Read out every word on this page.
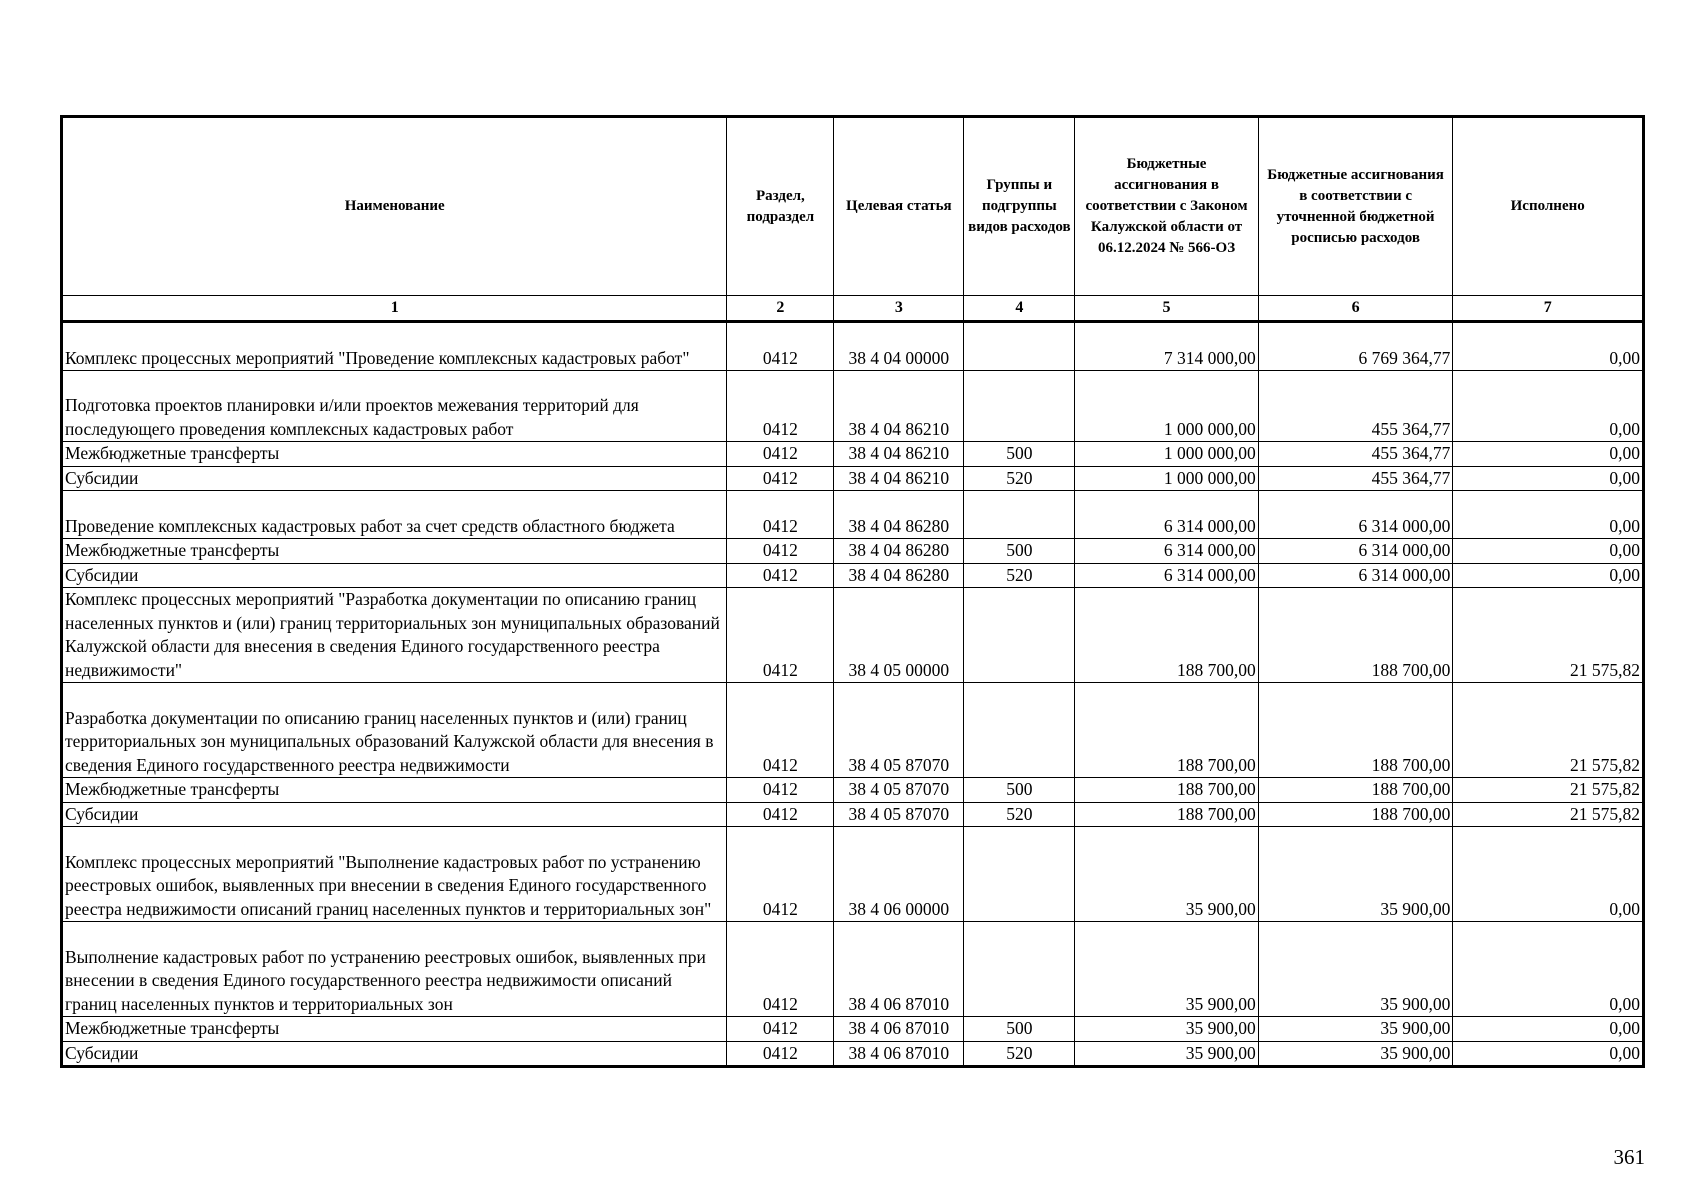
Наименование	Раздел, подраздел	Целевая статья	Группы и подгруппы видов расходов	Бюджетные ассигнования в соответствии с Законом Калужской области от 06.12.2024 № 566-ОЗ	Бюджетные ассигнования в соответствии с уточненной бюджетной росписью расходов	Исполнено
1	2	3	4	5	6	7
Комплекс процессных мероприятий "Проведение комплексных кадастровых работ"	0412	38 4 04 00000		7 314 000,00	6 769 364,77	0,00
Подготовка проектов планировки и/или проектов межевания территорий для последующего проведения комплексных кадастровых работ	0412	38 4 04 86210		1 000 000,00	455 364,77	0,00
Межбюджетные трансферты	0412	38 4 04 86210	500	1 000 000,00	455 364,77	0,00
Субсидии	0412	38 4 04 86210	520	1 000 000,00	455 364,77	0,00
Проведение комплексных кадастровых работ за счет средств областного бюджета	0412	38 4 04 86280		6 314 000,00	6 314 000,00	0,00
Межбюджетные трансферты	0412	38 4 04 86280	500	6 314 000,00	6 314 000,00	0,00
Субсидии	0412	38 4 04 86280	520	6 314 000,00	6 314 000,00	0,00
Комплекс процессных мероприятий "Разработка документации по описанию границ населенных пунктов и (или) границ территориальных зон муниципальных образований Калужской области для внесения в сведения Единого государственного реестра недвижимости"	0412	38 4 05 00000		188 700,00	188 700,00	21 575,82
Разработка документации по описанию границ населенных пунктов и (или) границ территориальных зон муниципальных образований Калужской области для внесения в сведения Единого государственного реестра недвижимости	0412	38 4 05 87070		188 700,00	188 700,00	21 575,82
Межбюджетные трансферты	0412	38 4 05 87070	500	188 700,00	188 700,00	21 575,82
Субсидии	0412	38 4 05 87070	520	188 700,00	188 700,00	21 575,82
Комплекс процессных мероприятий "Выполнение кадастровых работ по устранению реестровых ошибок, выявленных при внесении в сведения Единого государственного реестра недвижимости описаний границ населенных пунктов и территориальных зон"	0412	38 4 06 00000		35 900,00	35 900,00	0,00
Выполнение кадастровых работ по устранению реестровых ошибок, выявленных при внесении в сведения Единого государственного реестра недвижимости описаний границ населенных пунктов и территориальных зон	0412	38 4 06 87010		35 900,00	35 900,00	0,00
Межбюджетные трансферты	0412	38 4 06 87010	500	35 900,00	35 900,00	0,00
Субсидии	0412	38 4 06 87010	520	35 900,00	35 900,00	0,00
361
